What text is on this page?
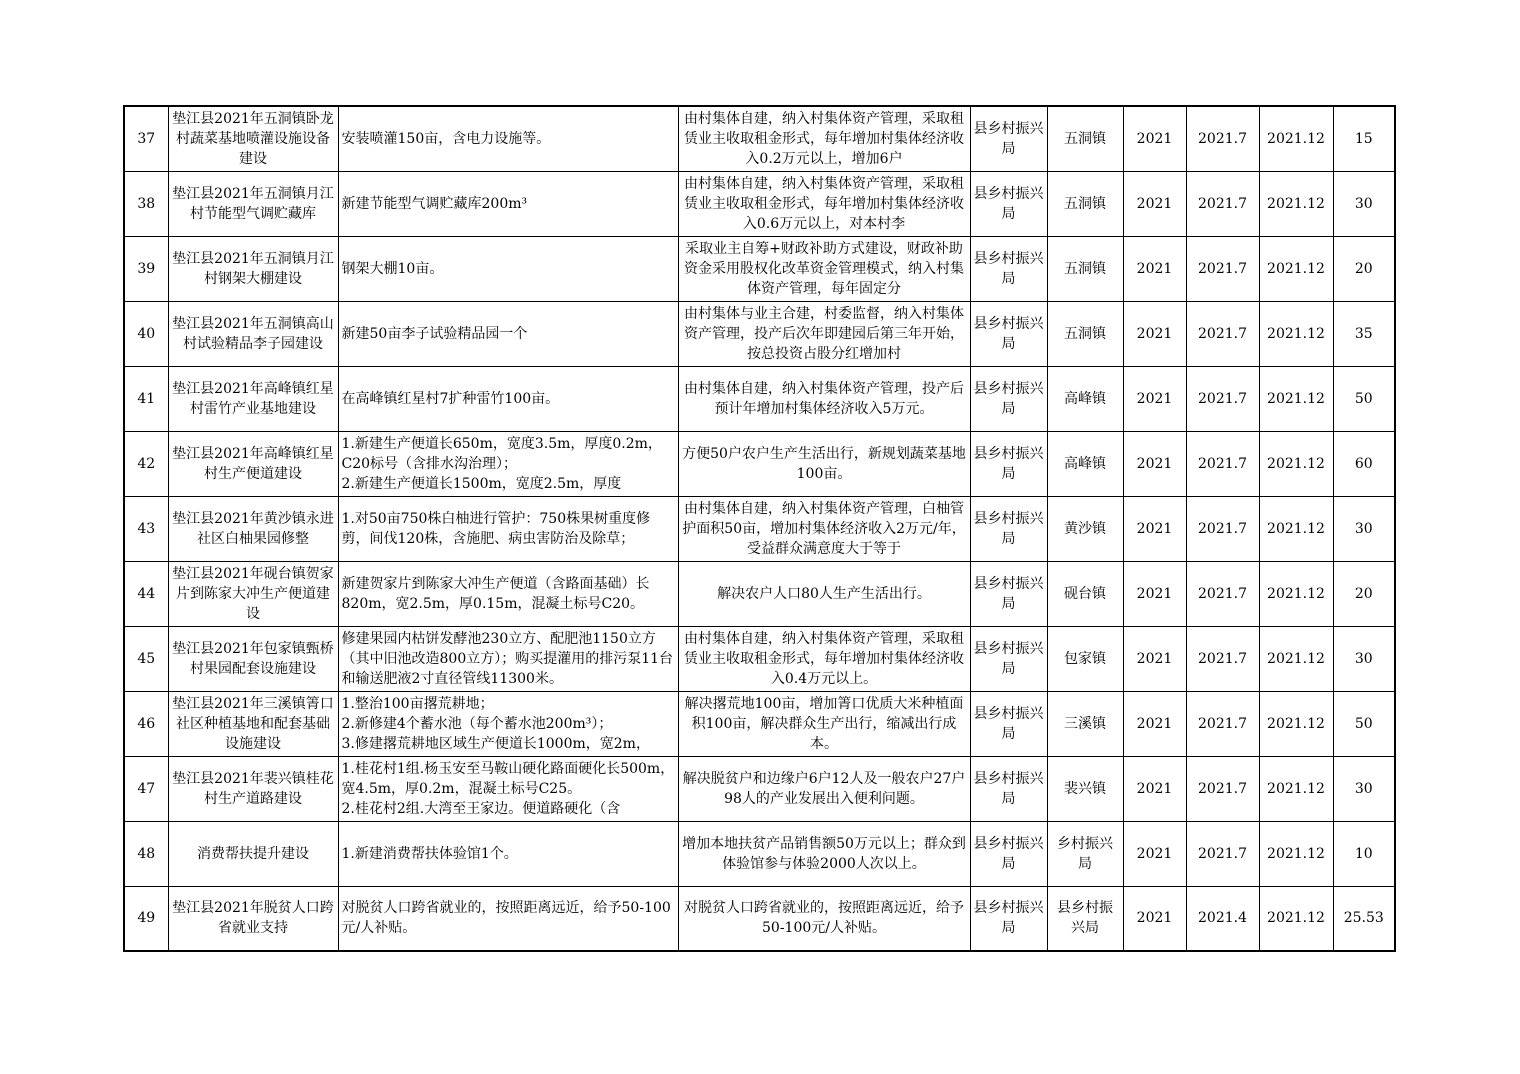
37	垫江县2021年五洞镇卧龙村蔬菜基地喷灌设施设备建设	安装喷灌150亩，含电力设施等。	由村集体自建，纳入村集体资产管理，采取租赁业主收取租金形式，每年增加村集体经济收入0.2万元以上，增加6户	县乡村振兴局	五洞镇	2021	2021.7	2021.12	15

38	垫江县2021年五洞镇月江村节能型气调贮藏库	新建节能型气调贮藏库200m³	由村集体自建，纳入村集体资产管理，采取租赁业主收取租金形式，每年增加村集体经济收入0.6万元以上，对本村李	县乡村振兴局	五洞镇	2021	2021.7	2021.12	30

39	垫江县2021年五洞镇月江村钢架大棚建设	钢架大棚10亩。	采取业主自筹+财政补助方式建设，财政补助资金采用股权化改革资金管理模式，纳入村集体资产管理，每年固定分	县乡村振兴局	五洞镇	2021	2021.7	2021.12	20

40	垫江县2021年五洞镇高山村试验精品李子园建设	新建50亩李子试验精品园一个	由村集体与业主合建，村委监督，纳入村集体资产管理，投产后次年即建园后第三年开始，按总投资占股分红增加村	县乡村振兴局	五洞镇	2021	2021.7	2021.12	35

41	垫江县2021年高峰镇红星村雷竹产业基地建设	在高峰镇红星村7扩种雷竹100亩。	由村集体自建，纳入村集体资产管理，投产后预计年增加村集体经济收入5万元。	县乡村振兴局	高峰镇	2021	2021.7	2021.12	50

42	垫江县2021年高峰镇红星村生产便道建设	1.新建生产便道长650m，宽度3.5m，厚度0.2m，C20标号（含排水沟治理）；
2.新建生产便道长1500m，宽度2.5m，厚度	方便50户农户生产生活出行，新规划蔬菜基地100亩。	县乡村振兴局	高峰镇	2021	2021.7	2021.12	60

43	垫江县2021年黄沙镇永进社区白柚果园修整	1.对50亩750株白柚进行管护：750株果树重度修剪，间伐120株，含施肥、病虫害防治及除草；	由村集体自建，纳入村集体资产管理，白柚管护面积50亩，增加村集体经济收入2万元/年，受益群众满意度大于等于	县乡村振兴局	黄沙镇	2021	2021.7	2021.12	30

44	垫江县2021年砚台镇贺家片到陈家大冲生产便道建设	新建贺家片到陈家大冲生产便道（含路面基础）长820m，宽2.5m，厚0.15m，混凝土标号C20。	解决农户人口80人生产生活出行。	县乡村振兴局	砚台镇	2021	2021.7	2021.12	20

45	垫江县2021年包家镇甄桥村果园配套设施建设	修建果园内枯饼发酵池230立方、配肥池1150立方（其中旧池改造800立方）；购买提灌用的排污泵11台和输送肥液2寸直径管线11300米。	由村集体自建，纳入村集体资产管理，采取租赁业主收取租金形式，每年增加村集体经济收入0.4万元以上。	县乡村振兴局	包家镇	2021	2021.7	2021.12	30

46	垫江县2021年三溪镇箐口社区种植基地和配套基础设施建设	1.整治100亩撂荒耕地；
2.新修建4个蓄水池（每个蓄水池200m³）；
3.修建撂荒耕地区域生产便道长1000m，宽2m，	解决撂荒地100亩，增加箐口优质大米种植面积100亩，解决群众生产出行，缩减出行成本。	县乡村振兴局	三溪镇	2021	2021.7	2021.12	50

47	垫江县2021年裴兴镇桂花村生产道路建设	1.桂花村1组.杨玉安至马鞍山硬化路面硬化长500m，宽4.5m，厚0.2m，混凝土标号C25。
2.桂花村2组.大湾至王家边。便道路硬化（含	解决脱贫户和边缘户6户12人及一般农户27户98人的产业发展出入便利问题。	县乡村振兴局	裴兴镇	2021	2021.7	2021.12	30

48	消费帮扶提升建设	1.新建消费帮扶体验馆1个。	增加本地扶贫产品销售额50万元以上；群众到体验馆参与体验2000人次以上。	县乡村振兴局	乡村振兴局	2021	2021.7	2021.12	10

49	垫江县2021年脱贫人口跨省就业支持	对脱贫人口跨省就业的，按照距离远近，给予50-100元/人补贴。	对脱贫人口跨省就业的，按照距离远近，给予50-100元/人补贴。	县乡村振兴局	县乡村振兴局	2021	2021.4	2021.12	25.53
